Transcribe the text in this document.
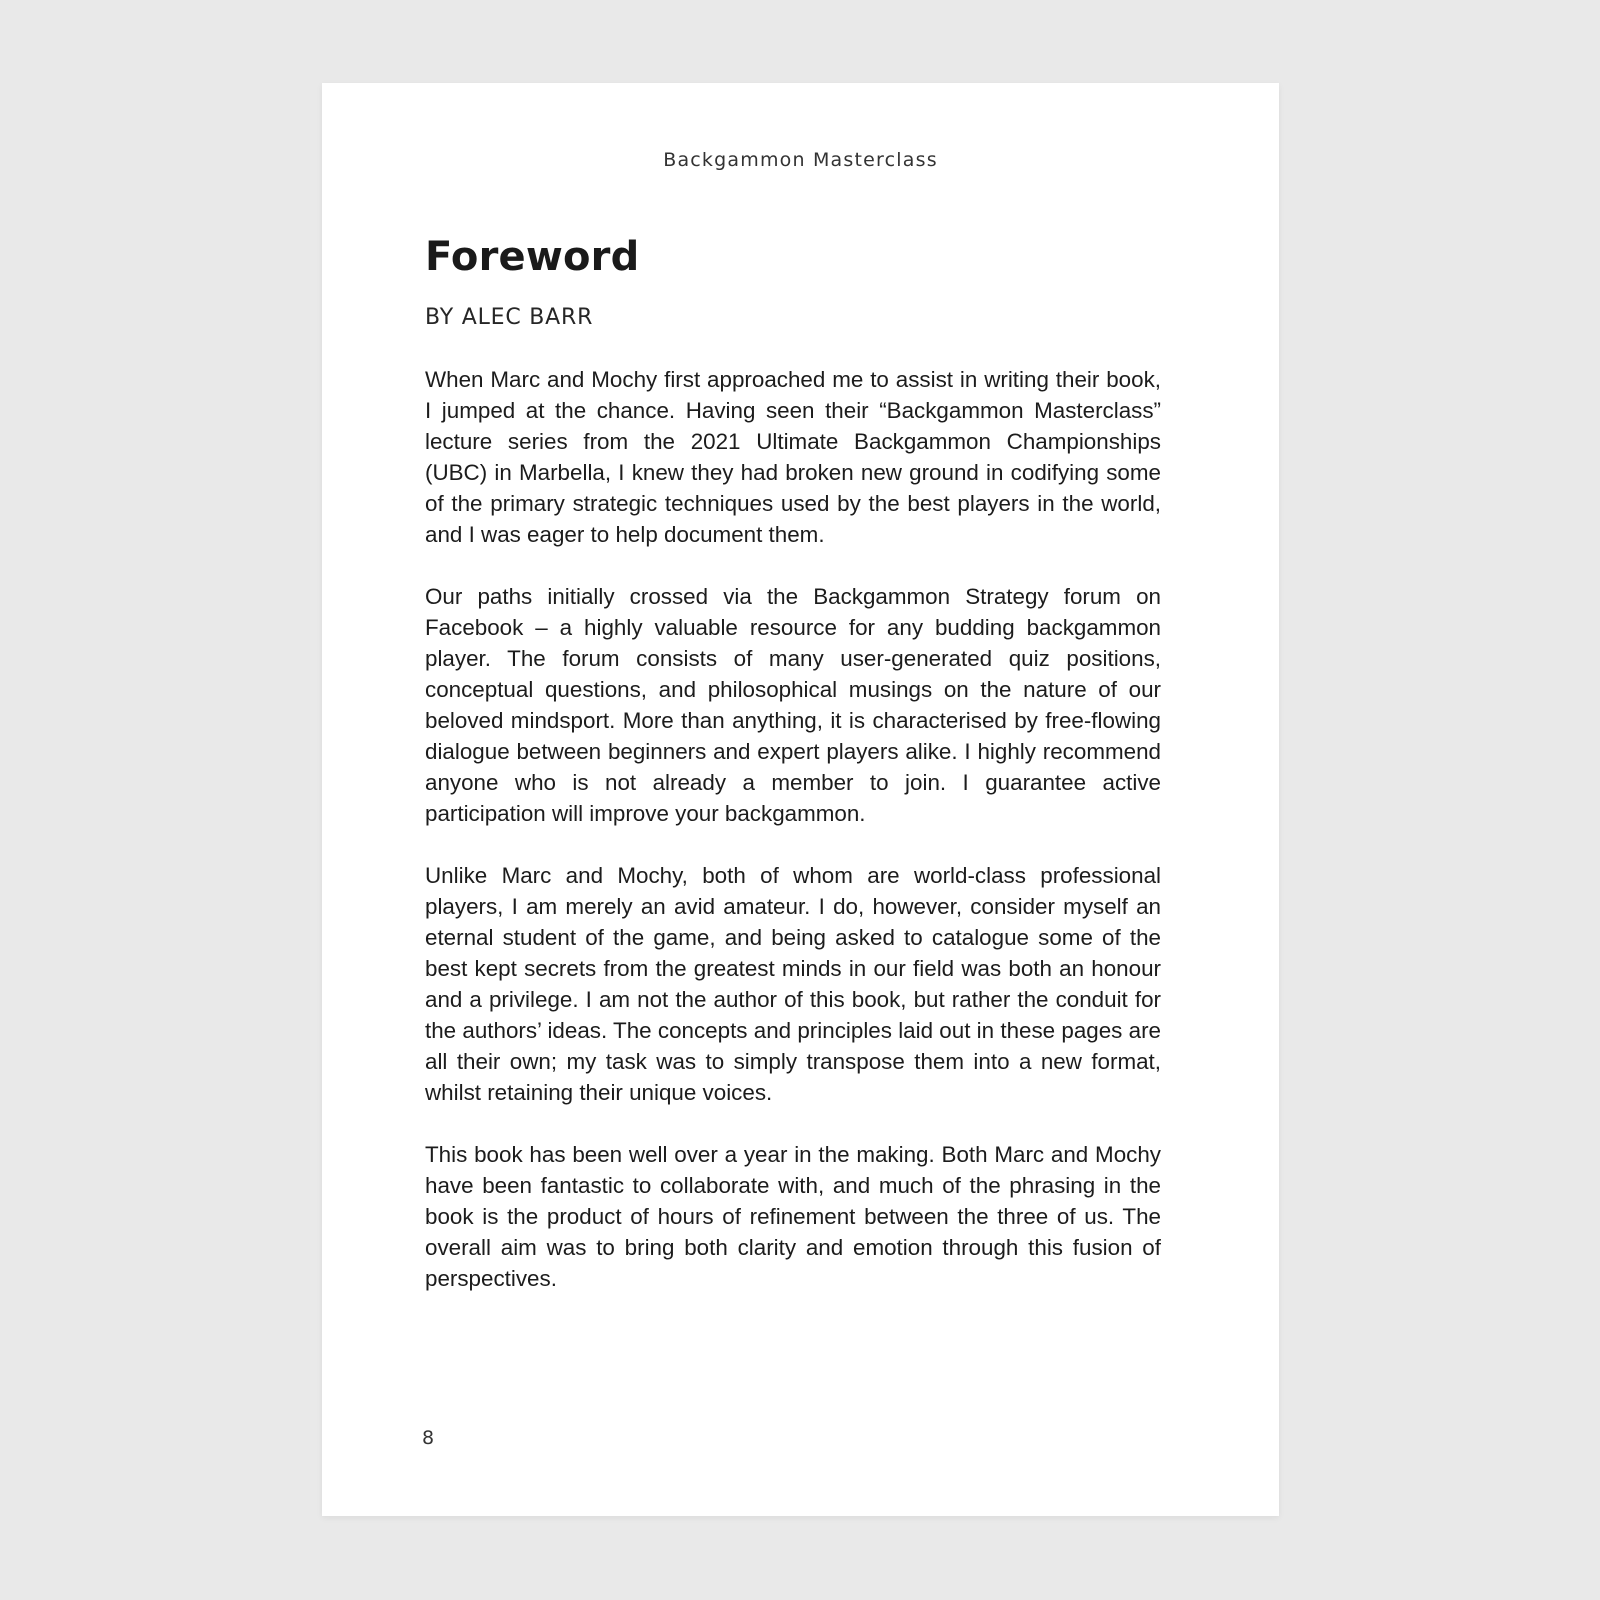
Backgammon Masterclass

Foreword

BY ALEC BARR

When Marc and Mochy first approached me to assist in writing their book, I jumped at the chance. Having seen their “Backgammon Masterclass” lecture series from the 2021 Ultimate Backgammon Championships (UBC) in Marbella, I knew they had broken new ground in codifying some of the primary strategic techniques used by the best players in the world, and I was eager to help document them.

Our paths initially crossed via the Backgammon Strategy forum on Facebook – a highly valuable resource for any budding backgammon player. The forum consists of many user-generated quiz positions, conceptual questions, and philosophical musings on the nature of our beloved mindsport. More than anything, it is characterised by free-flowing dialogue between beginners and expert players alike. I highly recommend anyone who is not already a member to join. I guarantee active participation will improve your backgammon.

Unlike Marc and Mochy, both of whom are world-class professional players, I am merely an avid amateur. I do, however, consider myself an eternal student of the game, and being asked to catalogue some of the best kept secrets from the greatest minds in our field was both an honour and a privilege. I am not the author of this book, but rather the conduit for the authors’ ideas. The concepts and principles laid out in these pages are all their own; my task was to simply transpose them into a new format, whilst retaining their unique voices.

This book has been well over a year in the making. Both Marc and Mochy have been fantastic to collaborate with, and much of the phrasing in the book is the product of hours of refinement between the three of us. The overall aim was to bring both clarity and emotion through this fusion of perspectives.

8
